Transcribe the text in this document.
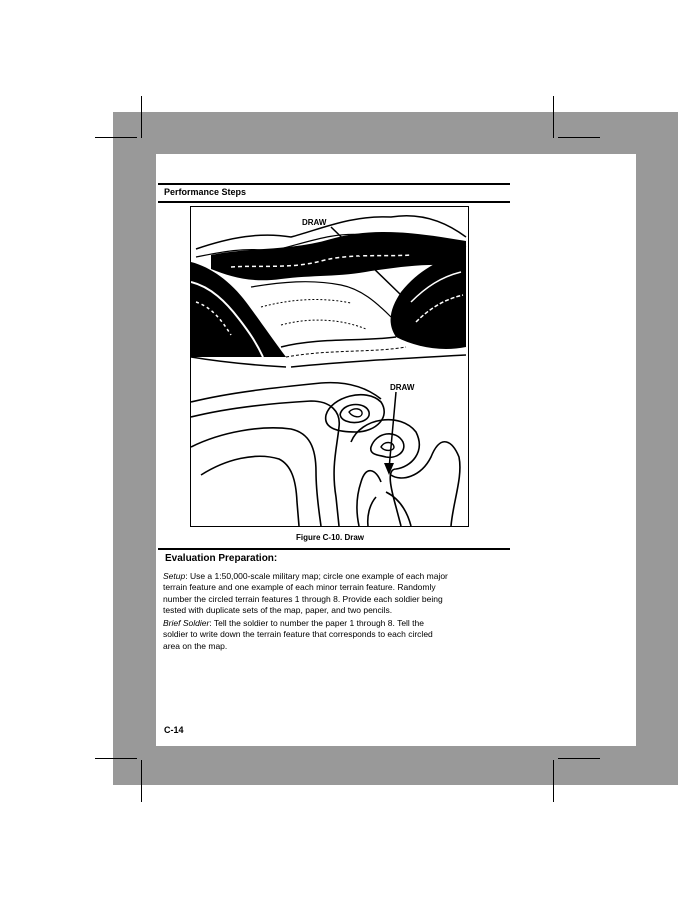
Performance Steps
DRAW
DRAW
Figure C-10. Draw
Evaluation Preparation:
Setup: Use a 1:50,000-scale military map; circle one example of each major
terrain feature and one example of each minor terrain feature. Randomly
number the circled terrain features 1 through 8. Provide each soldier being
tested with duplicate sets of the map, paper, and two pencils.
Brief Soldier: Tell the soldier to number the paper 1 through 8. Tell the
soldier to write down the terrain feature that corresponds to each circled
area on the map.
C-14
